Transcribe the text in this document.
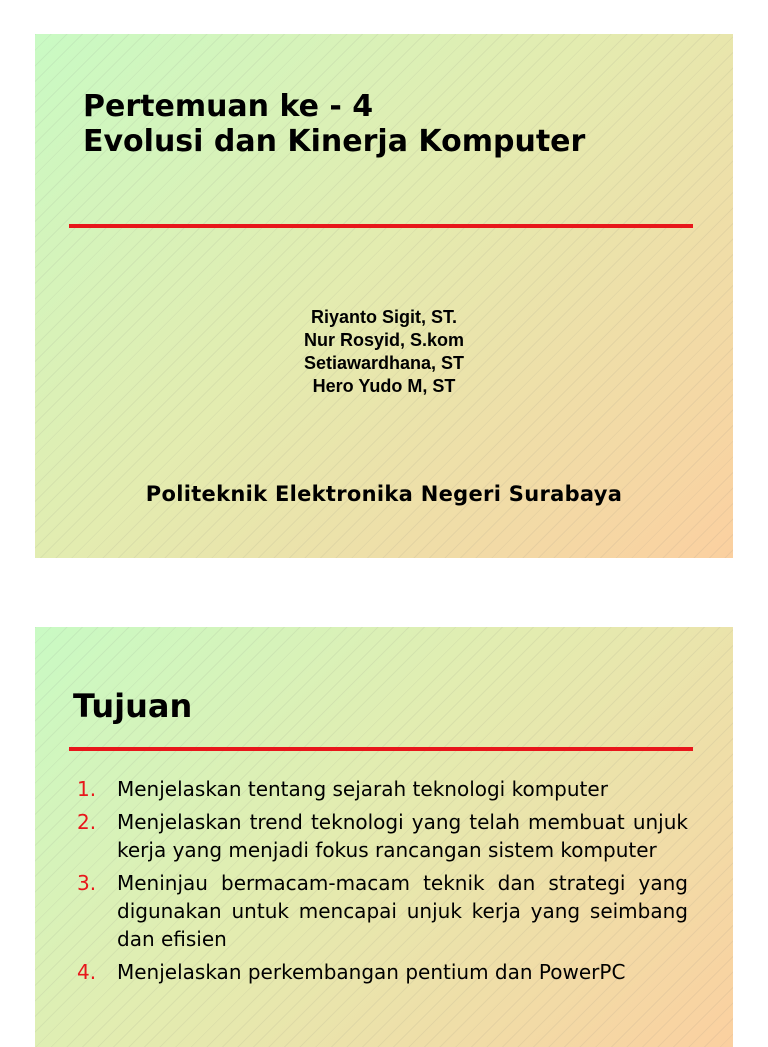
Pertemuan ke - 4
Evolusi dan Kinerja Komputer
Riyanto Sigit, ST.
Nur Rosyid, S.kom
Setiawardhana, ST
Hero Yudo M, ST
Politeknik Elektronika Negeri Surabaya
Tujuan
1.	Menjelaskan tentang sejarah teknologi komputer
2.	Menjelaskan trend teknologi yang telah membuat unjuk kerja yang menjadi fokus rancangan sistem komputer
3.	Meninjau bermacam-macam teknik dan strategi yang digunakan untuk mencapai unjuk kerja yang seimbang dan efisien
4.	Menjelaskan perkembangan pentium dan PowerPC
